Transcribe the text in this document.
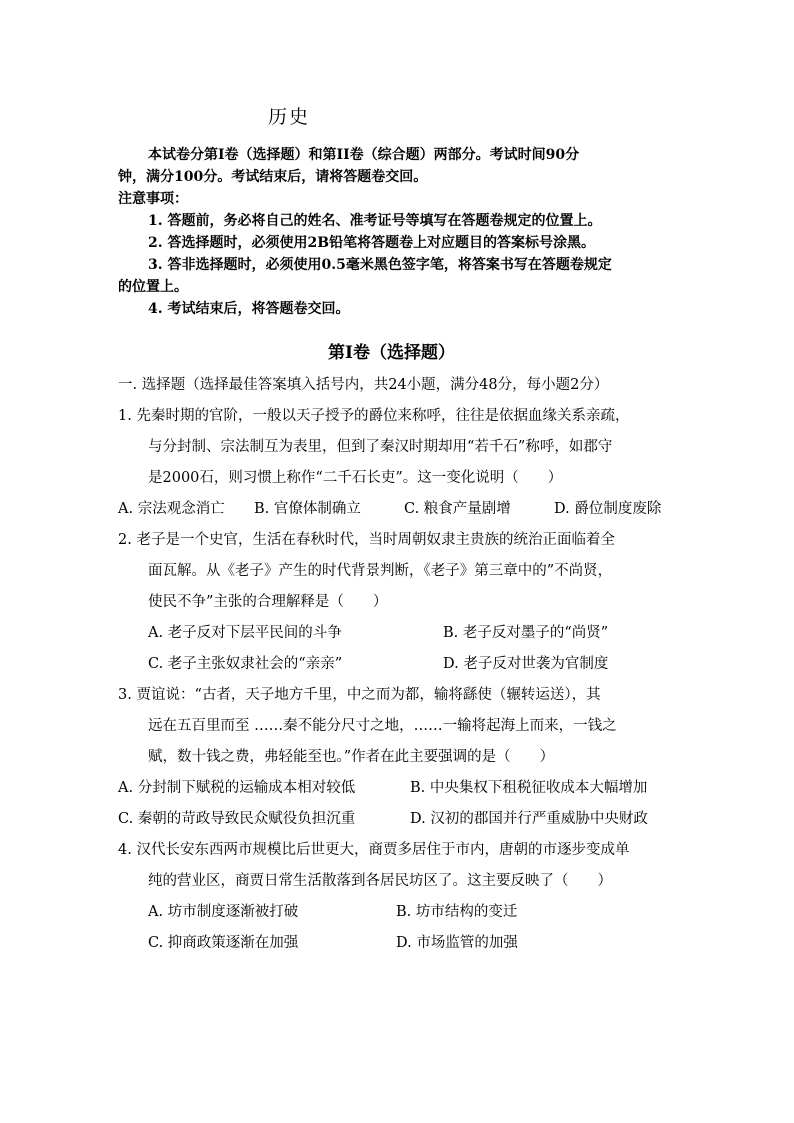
历史

本试卷分第Ⅰ卷（选择题）和第II卷（综合题）两部分。考试时间90分

钟，满分100分。考试结束后，请将答题卷交回。

注意事项：

1. 答题前，务必将自己的姓名、准考证号等填写在答题卷规定的位置上。

2. 答选择题时，必须使用2B铅笔将答题卷上对应题目的答案标号涂黑。

3. 答非选择题时，必须使用0.5毫米黑色签字笔，将答案书写在答题卷规定

的位置上。

4. 考试结束后，将答题卷交回。

第Ⅰ卷（选择题）

一. 选择题（选择最佳答案填入括号内，共24小题，满分48分，每小题2分）

1. 先秦时期的官阶，一般以天子授予的爵位来称呼，往往是依据血缘关系亲疏，

与分封制、宗法制互为表里，但到了秦汉时期却用“若千石”称呼，如郡守

是2000石，则习惯上称作“二千石长吏”。这一变化说明（　　）

A. 宗法观念消亡	B. 官僚体制确立	C. 粮食产量剧增	D. 爵位制度废除

2. 老子是一个史官，生活在春秋时代，当时周朝奴隶主贵族的统治正面临着全

面瓦解。从《老子》产生的时代背景判断，《老子》第三章中的”不尚贤，

使民不争”主张的合理解释是（　　）

A. 老子反对下层平民间的斗争	B. 老子反对墨子的“尚贤”
C. 老子主张奴隶社会的“亲亲”	D. 老子反对世袭为官制度

3. 贾谊说：“古者，天子地方千里，中之而为都，输将繇使（辗转运送），其

远在五百里而至 ……秦不能分尺寸之地，……一输将起海上而来，一钱之

赋，数十钱之费，弗轻能至也。”作者在此主要强调的是（　　）

A. 分封制下赋税的运输成本相对较低	B. 中央集权下租税征收成本大幅增加
C. 秦朝的苛政导致民众赋役负担沉重	D. 汉初的郡国并行严重威胁中央财政

4. 汉代长安东西两市规模比后世更大，商贾多居住于市内，唐朝的市逐步变成单

纯的营业区，商贾日常生活散落到各居民坊区了。这主要反映了（　　）

A. 坊市制度逐渐被打破	B. 坊市结构的变迁
C. 抑商政策逐渐在加强	D. 市场监管的加强
